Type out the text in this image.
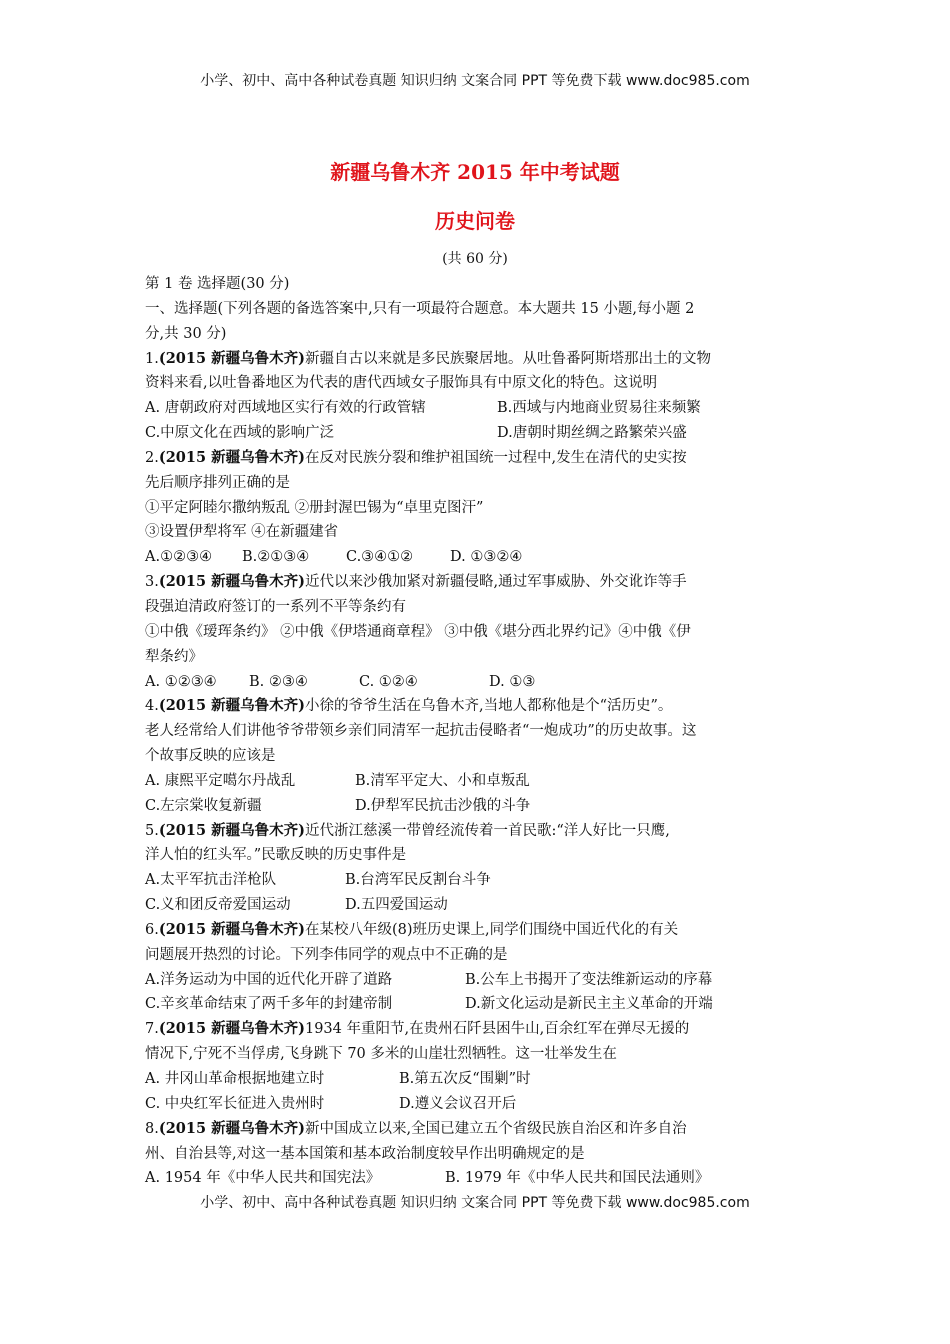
小学、初中、高中各种试卷真题 知识归纳 文案合同 PPT 等免费下载 www.doc985.com
新疆乌鲁木齐 2015 年中考试题
历史问卷
(共 60 分)
第 1 卷 选择题(30 分)
一、选择题(下列各题的备选答案中,只有一项最符合题意。本大题共 15 小题,每小题 2
分,共 30 分)
1.(2015 新疆乌鲁木齐)新疆自古以来就是多民族聚居地。从吐鲁番阿斯塔那出土的文物
资料来看,以吐鲁番地区为代表的唐代西域女子服饰具有中原文化的特色。这说明
A. 唐朝政府对西域地区实行有效的行政管辖	B.西域与内地商业贸易往来频繁
C.中原文化在西域的影响广泛	D.唐朝时期丝绸之路繁荣兴盛
2.(2015 新疆乌鲁木齐)在反对民族分裂和维护祖国统一过程中,发生在清代的史实按
先后顺序排列正确的是
①平定阿睦尔撒纳叛乱 ②册封渥巴锡为“卓里克图汗”
③设置伊犁将军 ④在新疆建省
A.①②③④	B.②①③④	C.③④①②	D. ①③②④
3.(2015 新疆乌鲁木齐)近代以来沙俄加紧对新疆侵略,通过军事威胁、外交讹诈等手
段强迫清政府签订的一系列不平等条约有
①中俄《瑷珲条约》 ②中俄《伊塔通商章程》 ③中俄《堪分西北界约记》④中俄《伊
犁条约》
A. ①②③④	B. ②③④	C. ①②④	D. ①③
4.(2015 新疆乌鲁木齐)小徐的爷爷生活在乌鲁木齐,当地人都称他是个“活历史”。
老人经常给人们讲他爷爷带领乡亲们同清军一起抗击侵略者“一炮成功”的历史故事。这
个故事反映的应该是
A. 康熙平定噶尔丹战乱	B.清军平定大、小和卓叛乱
C.左宗棠收复新疆	D.伊犁军民抗击沙俄的斗争
5.(2015 新疆乌鲁木齐)近代浙江慈溪一带曾经流传着一首民歌:“洋人好比一只鹰,
洋人怕的红头军。”民歌反映的历史事件是
A.太平军抗击洋枪队	B.台湾军民反割台斗争
C.义和团反帝爱国运动	D.五四爱国运动
6.(2015 新疆乌鲁木齐)在某校八年级(8)班历史课上,同学们围绕中国近代化的有关
问题展开热烈的讨论。下列李伟同学的观点中不正确的是
A.洋务运动为中国的近代化开辟了道路	B.公车上书揭开了变法维新运动的序幕
C.辛亥革命结束了两千多年的封建帝制	D.新文化运动是新民主主义革命的开端
7.(2015 新疆乌鲁木齐)1934 年重阳节,在贵州石阡县困牛山,百余红军在弹尽无援的
情况下,宁死不当俘虏,飞身跳下 70 多米的山崖壮烈牺牲。这一壮举发生在
A. 井冈山革命根据地建立时	B.第五次反“围剿”时
C. 中央红军长征进入贵州时	D.遵义会议召开后
8.(2015 新疆乌鲁木齐)新中国成立以来,全国已建立五个省级民族自治区和许多自治
州、自治县等,对这一基本国策和基本政治制度较早作出明确规定的是
A. 1954 年《中华人民共和国宪法》	B. 1979 年《中华人民共和国民法通则》
小学、初中、高中各种试卷真题 知识归纳 文案合同 PPT 等免费下载 www.doc985.com
